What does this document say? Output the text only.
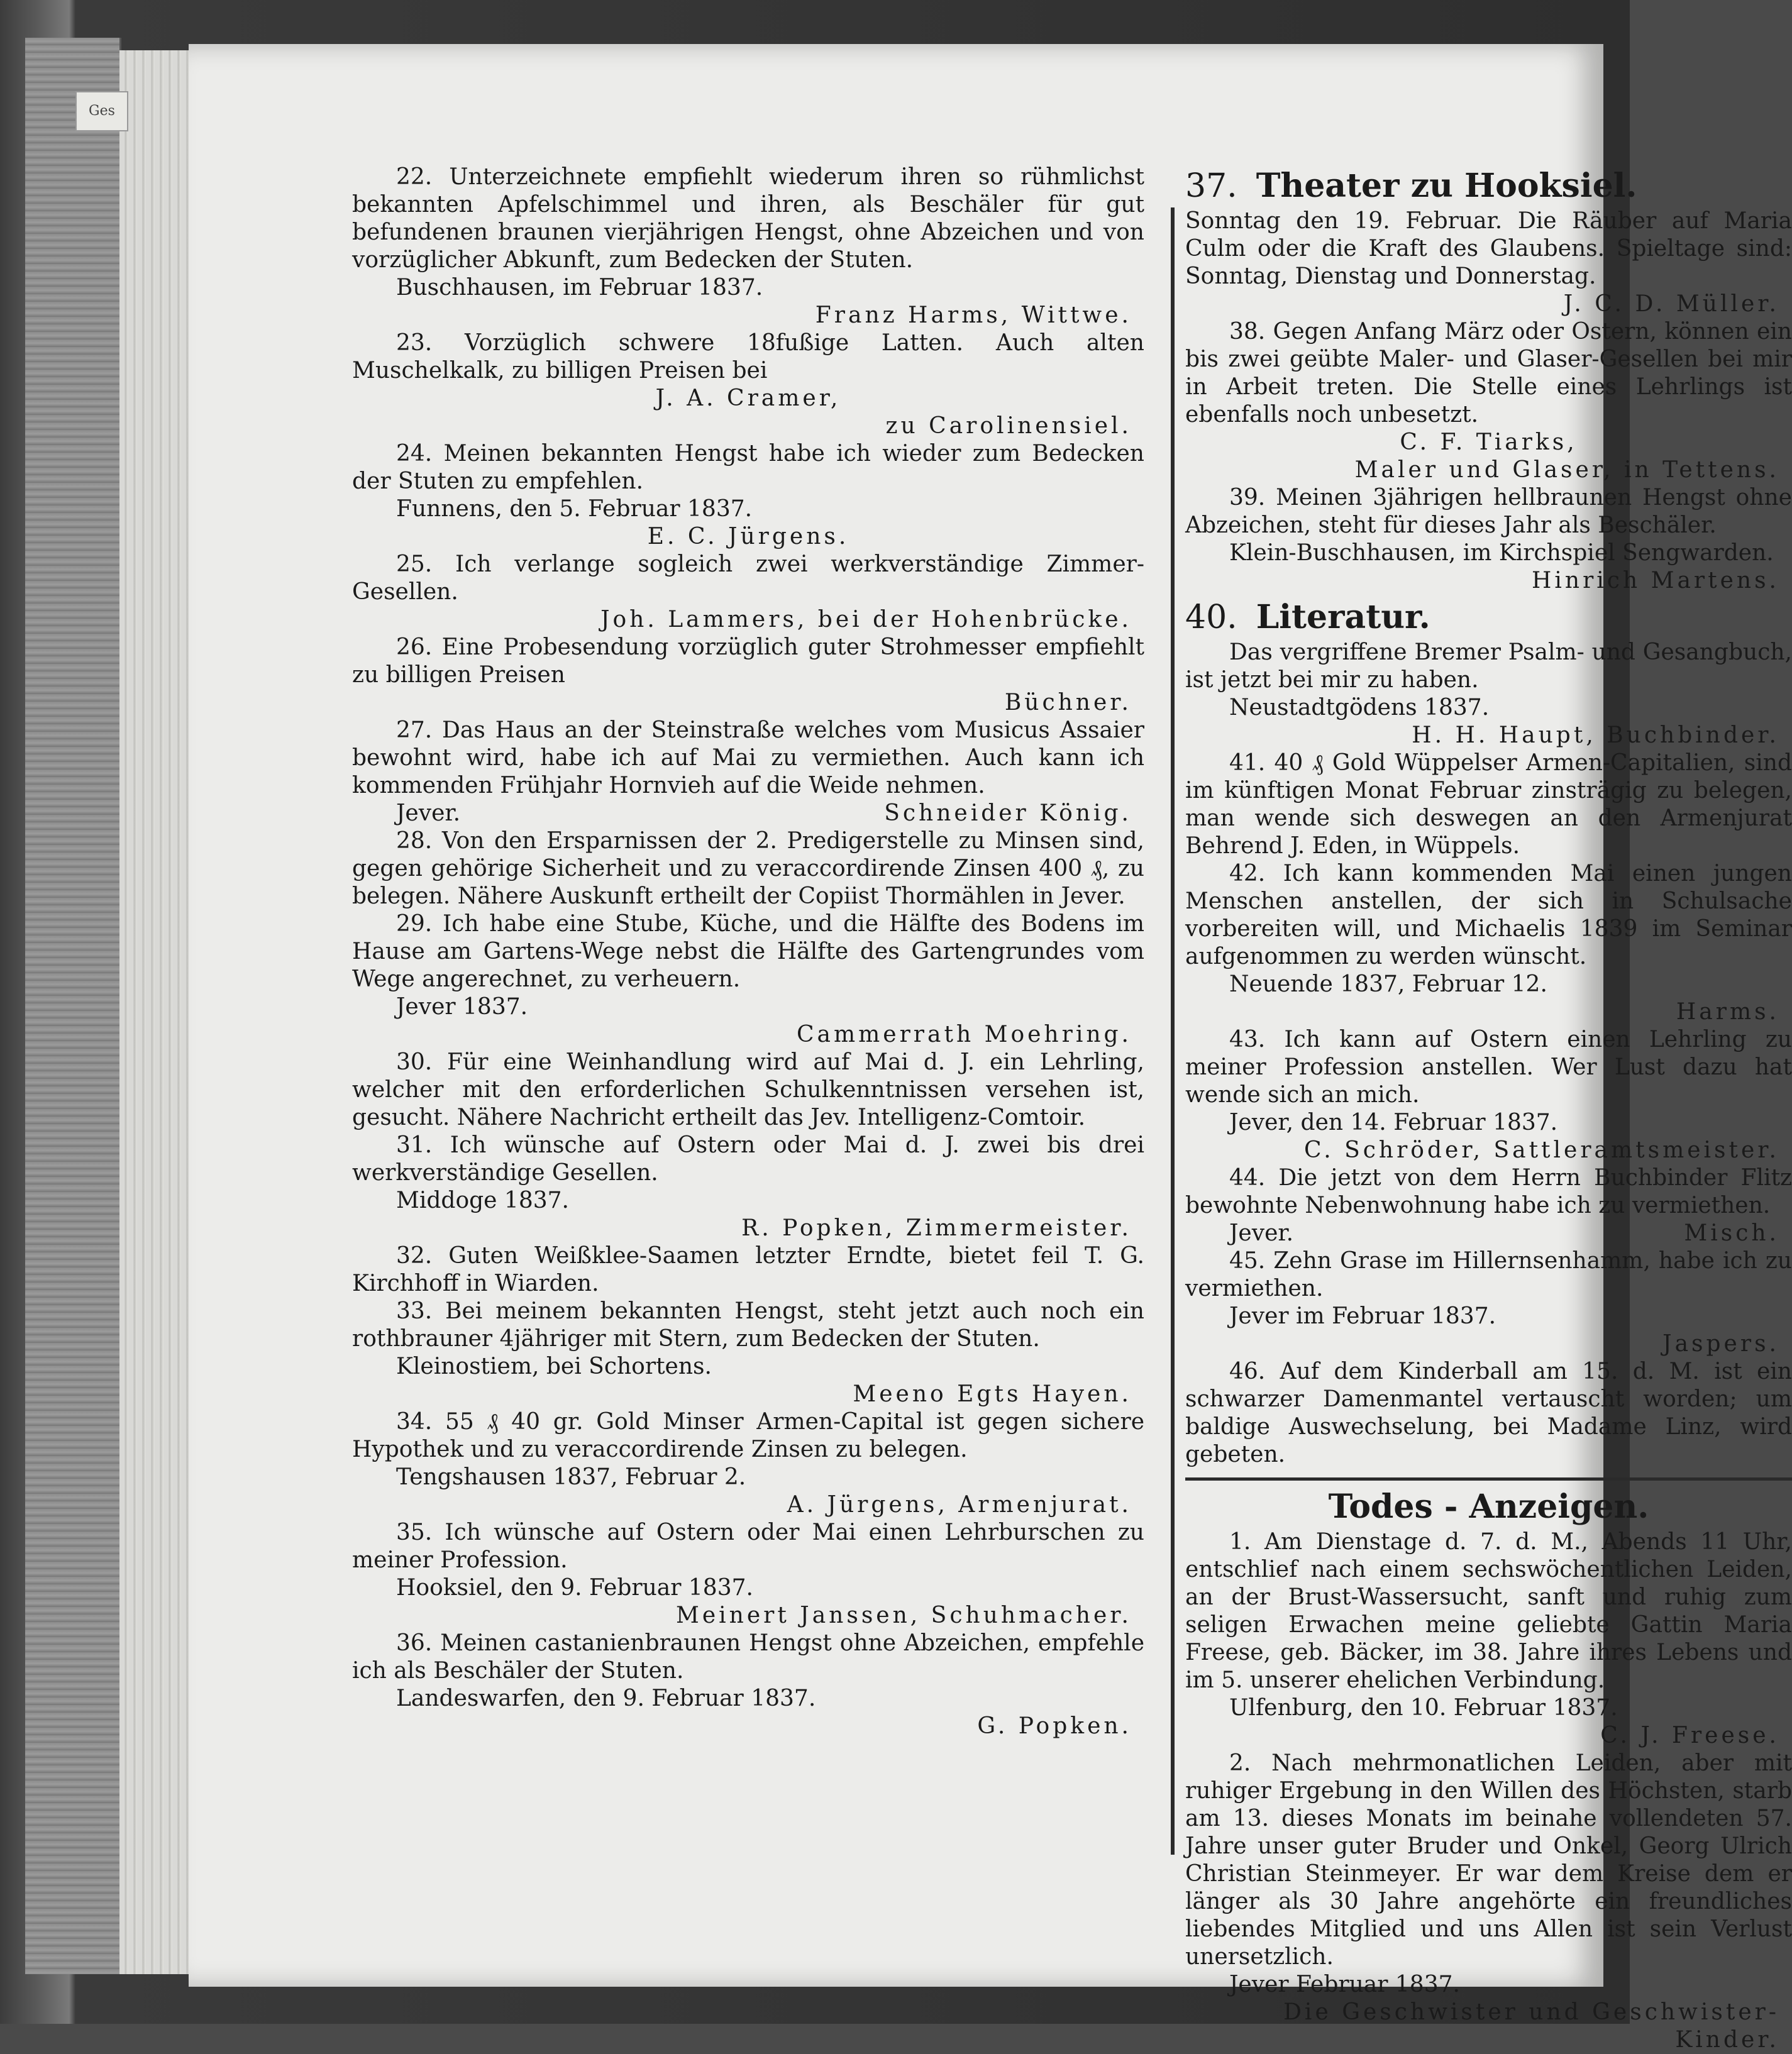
Ges

22. Unterzeichnete empfiehlt wiederum ihren so rühmlichst bekannten Apfelschimmel und ihren, als Beschäler für gut befundenen braunen vierjährigen Hengst, ohne Abzeichen und von vorzüglicher Abkunft, zum Bedecken der Stuten.

Buschhausen, im Februar 1837.

Franz Harms, Wittwe.

23. Vorzüglich schwere 18fußige Latten. Auch alten Muschelkalk, zu billigen Preisen bei

J. A. Cramer,

zu Carolinensiel.

24. Meinen bekannten Hengst habe ich wieder zum Bedecken der Stuten zu empfehlen.

Funnens, den 5. Februar 1837.

E. C. Jürgens.

25. Ich verlange sogleich zwei werkverständige Zimmer-Gesellen.

Joh. Lammers, bei der Hohenbrücke.

26. Eine Probesendung vorzüglich guter Strohmesser empfiehlt zu billigen Preisen

Büchner.

27. Das Haus an der Steinstraße welches vom Musicus Assaier bewohnt wird, habe ich auf Mai zu vermiethen. Auch kann ich kommenden Frühjahr Hornvieh auf die Weide nehmen.

Jever.	Schneider König.

28. Von den Ersparnissen der 2. Predigerstelle zu Minsen sind, gegen gehörige Sicherheit und zu veraccordirende Zinsen 400 ₰, zu belegen. Nähere Auskunft ertheilt der Copiist Thormählen in Jever.

29. Ich habe eine Stube, Küche, und die Hälfte des Bodens im Hause am Gartens-Wege nebst die Hälfte des Gartengrundes vom Wege angerechnet, zu verheuern.

Jever 1837.

Cammerrath Moehring.

30. Für eine Weinhandlung wird auf Mai d. J. ein Lehrling, welcher mit den erforderlichen Schulkenntnissen versehen ist, gesucht. Nähere Nachricht ertheilt das Jev. Intelligenz-Comtoir.

31. Ich wünsche auf Ostern oder Mai d. J. zwei bis drei werkverständige Gesellen.

Middoge 1837.

R. Popken, Zimmermeister.

32. Guten Weißklee-Saamen letzter Erndte, bietet feil T. G. Kirchhoff in Wiarden.

33. Bei meinem bekannten Hengst, steht jetzt auch noch ein rothbrauner 4jähriger mit Stern, zum Bedecken der Stuten.

Kleinostiem, bei Schortens.

Meeno Egts Hayen.

34. 55 ₰ 40 gr. Gold Minser Armen-Capital ist gegen sichere Hypothek und zu veraccordirende Zinsen zu belegen.

Tengshausen 1837, Februar 2.

A. Jürgens, Armenjurat.

35. Ich wünsche auf Ostern oder Mai einen Lehrburschen zu meiner Profession.

Hooksiel, den 9. Februar 1837.

Meinert Janssen, Schuhmacher.

36. Meinen castanienbraunen Hengst ohne Abzeichen, empfehle ich als Beschäler der Stuten.

Landeswarfen, den 9. Februar 1837.

G. Popken.

37. Theater zu Hooksiel.

Sonntag den 19. Februar. Die Räuber auf Maria Culm oder die Kraft des Glaubens. Spieltage sind: Sonntag, Dienstag und Donnerstag.

J. C. D. Müller.

38. Gegen Anfang März oder Ostern, können ein bis zwei geübte Maler- und Glaser-Gesellen bei mir in Arbeit treten. Die Stelle eines Lehrlings ist ebenfalls noch unbesetzt.

C. F. Tiarks,

Maler und Glaser, in Tettens.

39. Meinen 3jährigen hellbraunen Hengst ohne Abzeichen, steht für dieses Jahr als Beschäler.

Klein-Buschhausen, im Kirchspiel Sengwarden.

Hinrich Martens.

40. Literatur.

Das vergriffene Bremer Psalm- und Gesangbuch, ist jetzt bei mir zu haben.

Neustadtgödens 1837.

H. H. Haupt, Buchbinder.

41. 40 ₰ Gold Wüppelser Armen-Capitalien, sind im künftigen Monat Februar zinsträgig zu belegen, man wende sich deswegen an den Armenjurat Behrend J. Eden, in Wüppels.

42. Ich kann kommenden Mai einen jungen Menschen anstellen, der sich in Schulsache vorbereiten will, und Michaelis 1839 im Seminar aufgenommen zu werden wünscht.

Neuende 1837, Februar 12.

Harms.

43. Ich kann auf Ostern einen Lehrling zu meiner Profession anstellen. Wer Lust dazu hat wende sich an mich.

Jever, den 14. Februar 1837.

C. Schröder, Sattleramtsmeister.

44. Die jetzt von dem Herrn Buchbinder Flitz bewohnte Nebenwohnung habe ich zu vermiethen.

Jever.	Misch.

45. Zehn Grase im Hillernsenhamm, habe ich zu vermiethen.

Jever im Februar 1837.

Jaspers.

46. Auf dem Kinderball am 15. d. M. ist ein schwarzer Damenmantel vertauscht worden; um baldige Auswechselung, bei Madame Linz, wird gebeten.

Todes - Anzeigen.

1. Am Dienstage d. 7. d. M., Abends 11 Uhr, entschlief nach einem sechswöchentlichen Leiden, an der Brust-Wassersucht, sanft und ruhig zum seligen Erwachen meine geliebte Gattin Maria Freese, geb. Bäcker, im 38. Jahre ihres Lebens und im 5. unserer ehelichen Verbindung.

Ulfenburg, den 10. Februar 1837.

C. J. Freese.

2. Nach mehrmonatlichen Leiden, aber mit ruhiger Ergebung in den Willen des Höchsten, starb am 13. dieses Monats im beinahe vollendeten 57. Jahre unser guter Bruder und Onkel, Georg Ulrich Christian Steinmeyer. Er war dem Kreise dem er länger als 30 Jahre angehörte ein freundliches liebendes Mitglied und uns Allen ist sein Verlust unersetzlich.

Jever Februar 1837.

Die Geschwister und Geschwister-Kinder.
